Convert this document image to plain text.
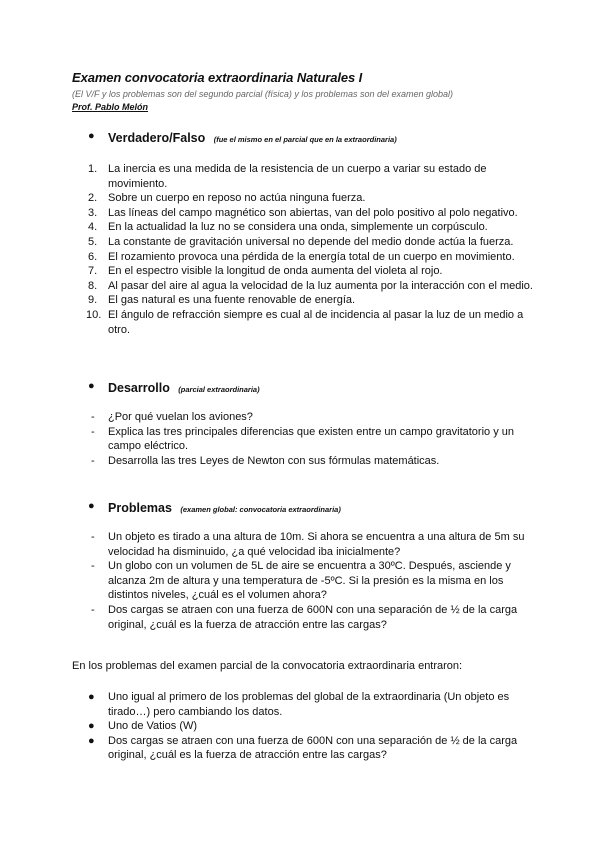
Examen convocatoria extraordinaria Naturales I
(El V/F y los problemas son del segundo parcial (física) y los problemas son del examen global)
Prof. Pablo Melón
● Verdadero/Falso (fue el mismo en el parcial que en la extraordinaria)
1. La inercia es una medida de la resistencia de un cuerpo a variar su estado de movimiento.
2. Sobre un cuerpo en reposo no actúa ninguna fuerza.
3. Las líneas del campo magnético son abiertas, van del polo positivo al polo negativo.
4. En la actualidad la luz no se considera una onda, simplemente un corpúsculo.
5. La constante de gravitación universal no depende del medio donde actúa la fuerza.
6. El rozamiento provoca una pérdida de la energía total de un cuerpo en movimiento.
7. En el espectro visible la longitud de onda aumenta del violeta al rojo.
8. Al pasar del aire al agua la velocidad de la luz aumenta por la interacción con el medio.
9. El gas natural es una fuente renovable de energía.
10. El ángulo de refracción siempre es cual al de incidencia al pasar la luz de un medio a otro.
● Desarrollo (parcial extraordinaria)
- ¿Por qué vuelan los aviones?
- Explica las tres principales diferencias que existen entre un campo gravitatorio y un campo eléctrico.
- Desarrolla las tres Leyes de Newton con sus fórmulas matemáticas.
● Problemas (examen global: convocatoria extraordinaria)
- Un objeto es tirado a una altura de 10m. Si ahora se encuentra a una altura de 5m su velocidad ha disminuido, ¿a qué velocidad iba inicialmente?
- Un globo con un volumen de 5L de aire se encuentra a 30ºC. Después, asciende y alcanza 2m de altura y una temperatura de -5ºC. Si la presión es la misma en los distintos niveles, ¿cuál es el volumen ahora?
- Dos cargas se atraen con una fuerza de 600N con una separación de ½ de la carga original, ¿cuál es la fuerza de atracción entre las cargas?
En los problemas del examen parcial de la convocatoria extraordinaria entraron:
● Uno igual al primero de los problemas del global de la extraordinaria (Un objeto es tirado…) pero cambiando los datos.
● Uno de Vatios (W)
● Dos cargas se atraen con una fuerza de 600N con una separación de ½ de la carga original, ¿cuál es la fuerza de atracción entre las cargas?
